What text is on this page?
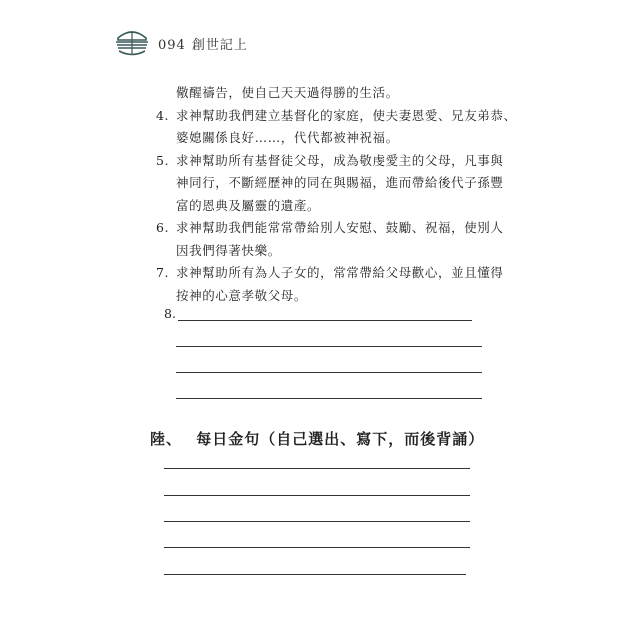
094 創世記上
儆醒禱告，使自己天天過得勝的生活。
4. 求神幫助我們建立基督化的家庭，使夫妻恩愛、兄友弟恭、
婆媳關係良好……，代代都被神祝福。
5. 求神幫助所有基督徒父母，成為敬虔愛主的父母，凡事與
神同行，不斷經歷神的同在與賜福，進而帶給後代子孫豐
富的恩典及屬靈的遺產。
6. 求神幫助我們能常常帶給別人安慰、鼓勵、祝福，使別人
因我們得著快樂。
7. 求神幫助所有為人子女的，常常帶給父母歡心，並且懂得
按神的心意孝敬父母。
8.
陸、 每日金句（自己選出、寫下，而後背誦）
